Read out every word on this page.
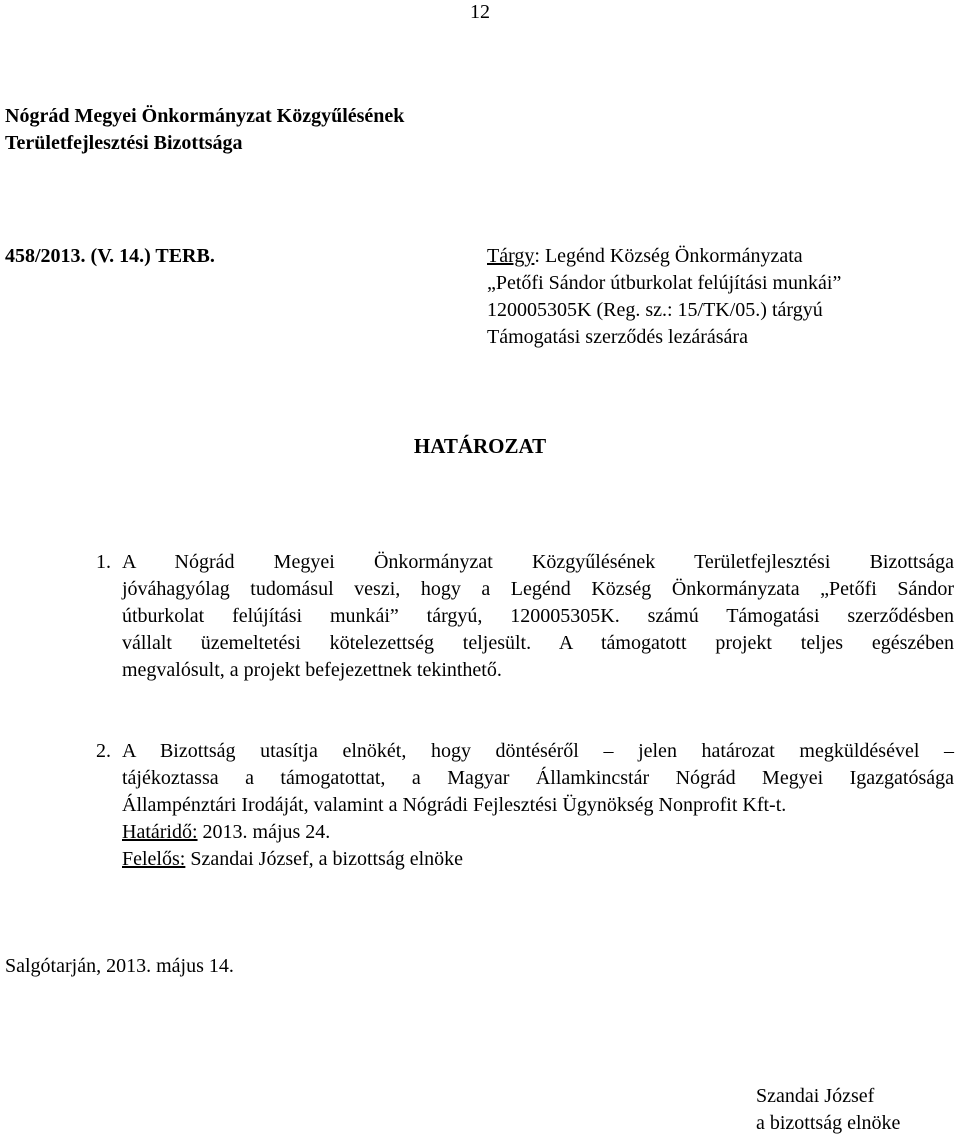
12
Nógrád Megyei Önkormányzat Közgyűlésének
Területfejlesztési Bizottsága
458/2013. (V. 14.) TERB.	Tárgy: Legénd Község Önkormányzata
„Petőfi Sándor útburkolat felújítási munkái”
120005305K (Reg. sz.: 15/TK/05.) tárgyú
Támogatási szerződés lezárására
HATÁROZAT
1. A Nógrád Megyei Önkormányzat Közgyűlésének Területfejlesztési Bizottsága
jóváhagyólag tudomásul veszi, hogy a Legénd Község Önkormányzata „Petőfi Sándor
útburkolat felújítási munkái” tárgyú, 120005305K. számú Támogatási szerződésben
vállalt üzemeltetési kötelezettség teljesült. A támogatott projekt teljes egészében
megvalósult, a projekt befejezettnek tekinthető.
2. A Bizottság utasítja elnökét, hogy döntéséről – jelen határozat megküldésével –
tájékoztassa a támogatottat, a Magyar Államkincstár Nógrád Megyei Igazgatósága
Állampénztári Irodáját, valamint a Nógrádi Fejlesztési Ügynökség Nonprofit Kft-t.
Határidő: 2013. május 24.
Felelős: Szandai József, a bizottság elnöke
Salgótarján, 2013. május 14.
Szandai József
a bizottság elnöke
